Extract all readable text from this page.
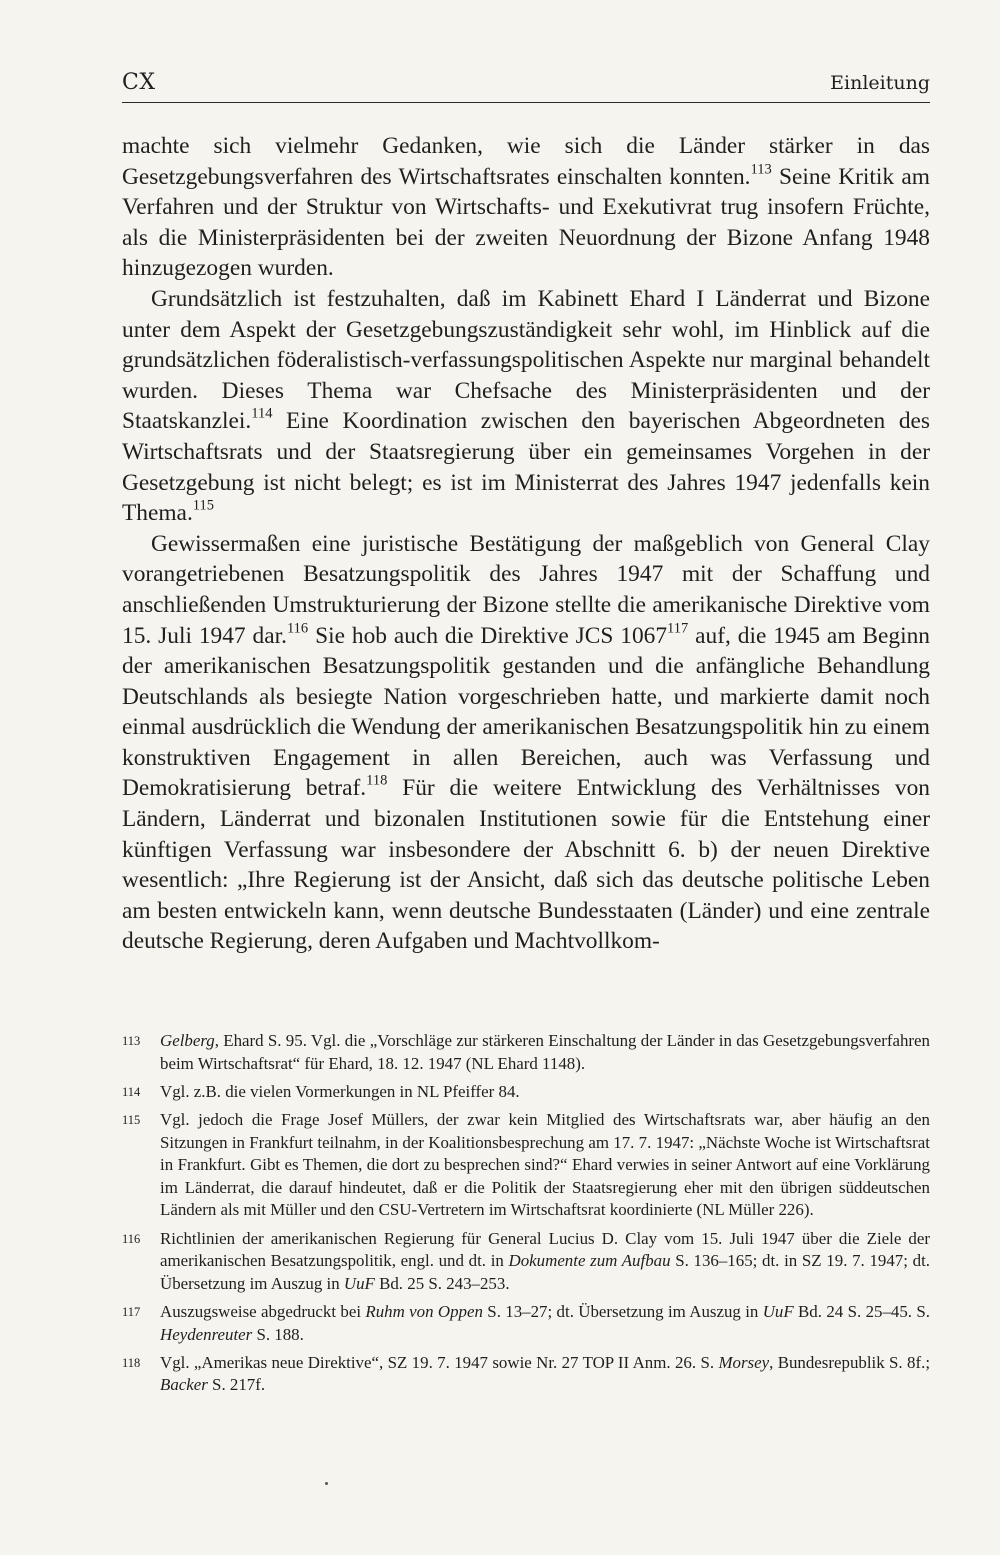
CX	Einleitung

machte sich vielmehr Gedanken, wie sich die Länder stärker in das Gesetzgebungsverfahren des Wirtschaftsrates einschalten konnten.$^{113}$ Seine Kritik am Verfahren und der Struktur von Wirtschafts- und Exekutivrat trug insofern Früchte, als die Ministerpräsidenten bei der zweiten Neuordnung der Bizone Anfang 1948 hinzugezogen wurden.

Grundsätzlich ist festzuhalten, daß im Kabinett Ehard I Länderrat und Bizone unter dem Aspekt der Gesetzgebungszuständigkeit sehr wohl, im Hinblick auf die grundsätzlichen föderalistisch-verfassungspolitischen Aspekte nur marginal behandelt wurden. Dieses Thema war Chefsache des Ministerpräsidenten und der Staatskanzlei.$^{114}$ Eine Koordination zwischen den bayerischen Abgeordneten des Wirtschaftsrats und der Staatsregierung über ein gemeinsames Vorgehen in der Gesetzgebung ist nicht belegt; es ist im Ministerrat des Jahres 1947 jedenfalls kein Thema.$^{115}$

Gewissermaßen eine juristische Bestätigung der maßgeblich von General Clay vorangetriebenen Besatzungspolitik des Jahres 1947 mit der Schaffung und anschließenden Umstrukturierung der Bizone stellte die amerikanische Direktive vom 15. Juli 1947 dar.$^{116}$ Sie hob auch die Direktive JCS 1067$^{117}$ auf, die 1945 am Beginn der amerikanischen Besatzungspolitik gestanden und die anfängliche Behandlung Deutschlands als besiegte Nation vorgeschrieben hatte, und markierte damit noch einmal ausdrücklich die Wendung der amerikanischen Besatzungspolitik hin zu einem konstruktiven Engagement in allen Bereichen, auch was Verfassung und Demokratisierung betraf.$^{118}$ Für die weitere Entwicklung des Verhältnisses von Ländern, Länderrat und bizonalen Institutionen sowie für die Entstehung einer künftigen Verfassung war insbesondere der Abschnitt 6. b) der neuen Direktive wesentlich: „Ihre Regierung ist der Ansicht, daß sich das deutsche politische Leben am besten entwickeln kann, wenn deutsche Bundesstaaten (Länder) und eine zentrale deutsche Regierung, deren Aufgaben und Machtvollkom-

113 Gelberg, Ehard S. 95. Vgl. die „Vorschläge zur stärkeren Einschaltung der Länder in das Gesetzgebungsverfahren beim Wirtschaftsrat“ für Ehard, 18. 12. 1947 (NL Ehard 1148).
114 Vgl. z.B. die vielen Vormerkungen in NL Pfeiffer 84.
115 Vgl. jedoch die Frage Josef Müllers, der zwar kein Mitglied des Wirtschaftsrats war, aber häufig an den Sitzungen in Frankfurt teilnahm, in der Koalitionsbesprechung am 17. 7. 1947: „Nächste Woche ist Wirtschaftsrat in Frankfurt. Gibt es Themen, die dort zu besprechen sind?“ Ehard verwies in seiner Antwort auf eine Vorklärung im Länderrat, die darauf hindeutet, daß er die Politik der Staatsregierung eher mit den übrigen süddeutschen Ländern als mit Müller und den CSU-Vertretern im Wirtschaftsrat koordinierte (NL Müller 226).
116 Richtlinien der amerikanischen Regierung für General Lucius D. Clay vom 15. Juli 1947 über die Ziele der amerikanischen Besatzungspolitik, engl. und dt. in Dokumente zum Aufbau S. 136–165; dt. in SZ 19. 7. 1947; dt. Übersetzung im Auszug in UuF Bd. 25 S. 243–253.
117 Auszugsweise abgedruckt bei Ruhm von Oppen S. 13–27; dt. Übersetzung im Auszug in UuF Bd. 24 S. 25–45. S. Heydenreuter S. 188.
118 Vgl. „Amerikas neue Direktive“, SZ 19. 7. 1947 sowie Nr. 27 TOP II Anm. 26. S. Morsey, Bundesrepublik S. 8f.; Backer S. 217f.
